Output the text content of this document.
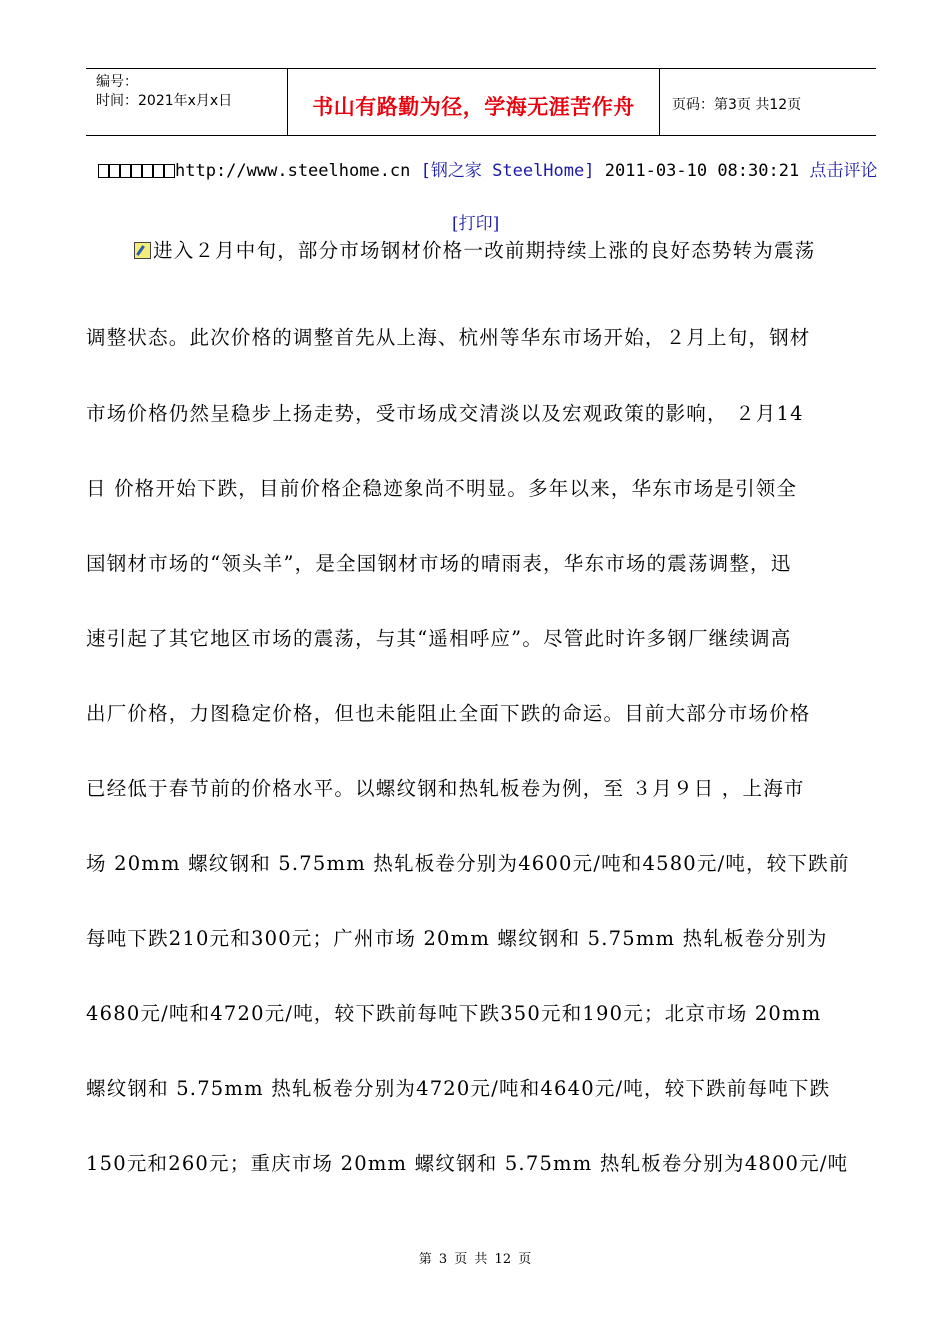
编号：
时间：2021年x月x日	书山有路勤为径，学海无涯苦作舟	页码：第3页 共12页
http://www.steelhome.cn [钢之家 SteelHome] 2011-03-10 08:30:21 点击评论
[打印]
进入２月中旬，部分市场钢材价格一改前期持续上涨的良好态势转为震荡
调整状态。此次价格的调整首先从上海、杭州等华东市场开始，２月上旬，钢材
市场价格仍然呈稳步上扬走势，受市场成交清淡以及宏观政策的影响， ２月14
日 价格开始下跌，目前价格企稳迹象尚不明显。多年以来，华东市场是引领全
国钢材市场的“领头羊”，是全国钢材市场的晴雨表，华东市场的震荡调整，迅
速引起了其它地区市场的震荡，与其“遥相呼应”。尽管此时许多钢厂继续调高
出厂价格，力图稳定价格，但也未能阻止全面下跌的命运。目前大部分市场价格
已经低于春节前的价格水平。以螺纹钢和热轧板卷为例，至 ３月９日 ，上海市
场 20mm 螺纹钢和 5.75mm 热轧板卷分别为4600元/吨和4580元/吨，较下跌前
每吨下跌210元和300元；广州市场 20mm 螺纹钢和 5.75mm 热轧板卷分别为
4680元/吨和4720元/吨，较下跌前每吨下跌350元和190元；北京市场 20mm
螺纹钢和 5.75mm 热轧板卷分别为4720元/吨和4640元/吨，较下跌前每吨下跌
150元和260元；重庆市场 20mm 螺纹钢和 5.75mm 热轧板卷分别为4800元/吨
第 3 页 共 12 页
